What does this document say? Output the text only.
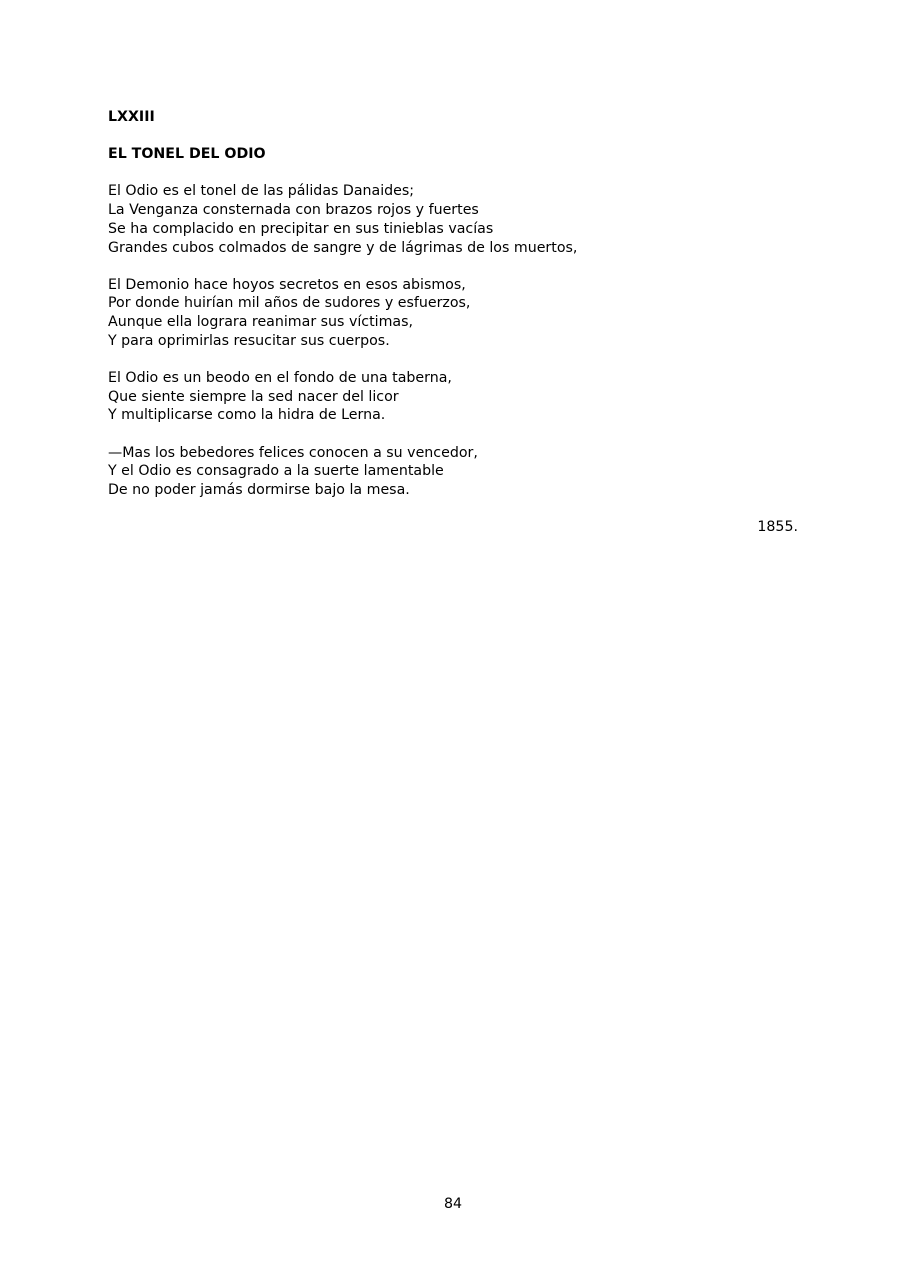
LXXIII

EL TONEL DEL ODIO

El Odio es el tonel de las pálidas Danaides;
La Venganza consternada con brazos rojos y fuertes
Se ha complacido en precipitar en sus tinieblas vacías
Grandes cubos colmados de sangre y de lágrimas de los muertos,

El Demonio hace hoyos secretos en esos abismos,
Por donde huirían mil años de sudores y esfuerzos,
Aunque ella lograra reanimar sus víctimas,
Y para oprimirlas resucitar sus cuerpos.

El Odio es un beodo en el fondo de una taberna,
Que siente siempre la sed nacer del licor
Y multiplicarse como la hidra de Lerna.

—Mas los bebedores felices conocen a su vencedor,
Y el Odio es consagrado a la suerte lamentable
De no poder jamás dormirse bajo la mesa.

1855.

84
